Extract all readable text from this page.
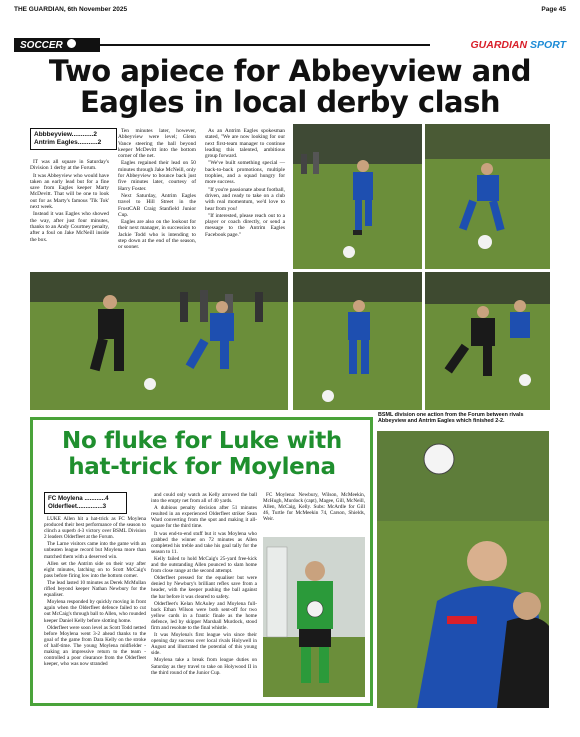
THE GUARDIAN, 6th November 2025	Page 45
SOCCER	GUARDIAN SPORT
Two apiece for Abbeyview and
Eagles in local derby clash
Abbbeyview............2
Antrim Eagles...........2

IT was all square in Saturday's Division 1 derby at the Forum.

It was Abbeyview who would have taken an early lead but for a fine save from Eagles keeper Marty McDevitt. That will be one to look out for as Marty's famous 'Tik Tok' next week.

Instead it was Eagles who showed the way, after just four minutes, thanks to an Andy Courtney penalty, after a foul on Jake McNeill inside the box.

Ten minutes later, however, Abbeyview were level; Glenn Vance steering the ball beyond keeper McDevitt into the bottom corner of the net.

Eagles regained their lead on 50 minutes through Jake McNeill, only for Abbeyview to bounce back just five minutes later, courtesy of Harry Foster.

Next Saturday, Antrim Eagles travel to Hill Street in the FrostCAB Craig Stanfield Junior Cup.

Eagles are also on the lookout for their next manager, in succession to Jackie Todd who is intending to step down at the end of the season, or sooner.

As an Antrim Eagles spokesman stated, "We are now looking for our next first-team manager to continue leading this talented, ambitious group forward.

"We've built something special — back-to-back promotions, multiple trophies, and a squad hungry for more success.

"If you're passionate about football, driven, and ready to take on a club with real momentum, we'd love to hear from you!

"If interested, please reach out to a player or coach directly, or send a message to the Antrim Eagles Facebook page."

BSML division one action from the Forum between rivals Abbeyview and Antrim Eagles which finished 2-2.
No fluke for Luke with
hat-trick for Moylena
FC Moylena ............4
Olderfleet...............3

LUKE Allen hit a hat-trick as FC Moylena produced their best performance of the season to clinch a superb 4-3 victory over BSML Division 2 leaders Olderfleet at the Forum.

The Larne visitors came into the game with an unbeaten league record but Moylena more than matched them with a deserved win.

Allen set the Antrim side on their way after eight minutes, latching on to Scott McCaig's pass before firing low into the bottom corner.

The lead lasted 10 minutes as Derek McMullan rifled beyond keeper Nathan Newbury for the equaliser.

Moylena responded by quickly moving in front again when the Olderfleet defence failed to cut out McCaig's through ball to Allen, who rounded keeper Daniel Kelly before slotting home.

Olderfleet were soon level as Scott Todd netted before Moylena went 3-2 ahead thanks to the goal of the game from Dara Kelly on the stroke of half-time. The young Moylena midfielder - making an impressive return to the team - controlled a poor clearance from the Olderfleet keeper, who was now stranded

and could only watch as Kelly arrowed the ball into the empty net from all of 40 yards.

A dubious penalty decision after 51 minutes resulted in an experienced Olderfleet striker Sean Ward converting from the spot and making it all-square for the third time.

It was end-to-end stuff but it was Moylena who grabbed the winner on 72 minutes as Allen completed his treble and take his goal tally for the season to 11.

Kelly failed to hold McCaig's 25-yard free-kick and the outstanding Allen pounced to slam home from close range at the second attempt.

Olderfleet pressed for the equaliser but were denied by Newbury's brilliant reflex save from a header, with the keeper pushing the ball against the bar before it was cleared to safety.

Olderfleet's Kelan McAuley and Moylena full-back Ethan Wilson were both sent-off for two yellow cards in a frantic finale as the home defence, led by skipper Marshall Murdock, stood firm and resolute to the final whistle.

It was Moylena's first league win since their opening day success over local rivals Holywell in August and illustrated the potential of this young side.

Moylena take a break from league duties on Saturday as they travel to take on Holywood II in the third round of the Junior Cup.

FC Moylena: Newbury, Wilson, McMeekin, McHugh, Murdock (capt), Magee, Gill, McNeill, Allen, McCaig, Kelly. Subs: McArdle for Gill 46, Turtle for McMeekin 74, Carson, Shields, Weir.
